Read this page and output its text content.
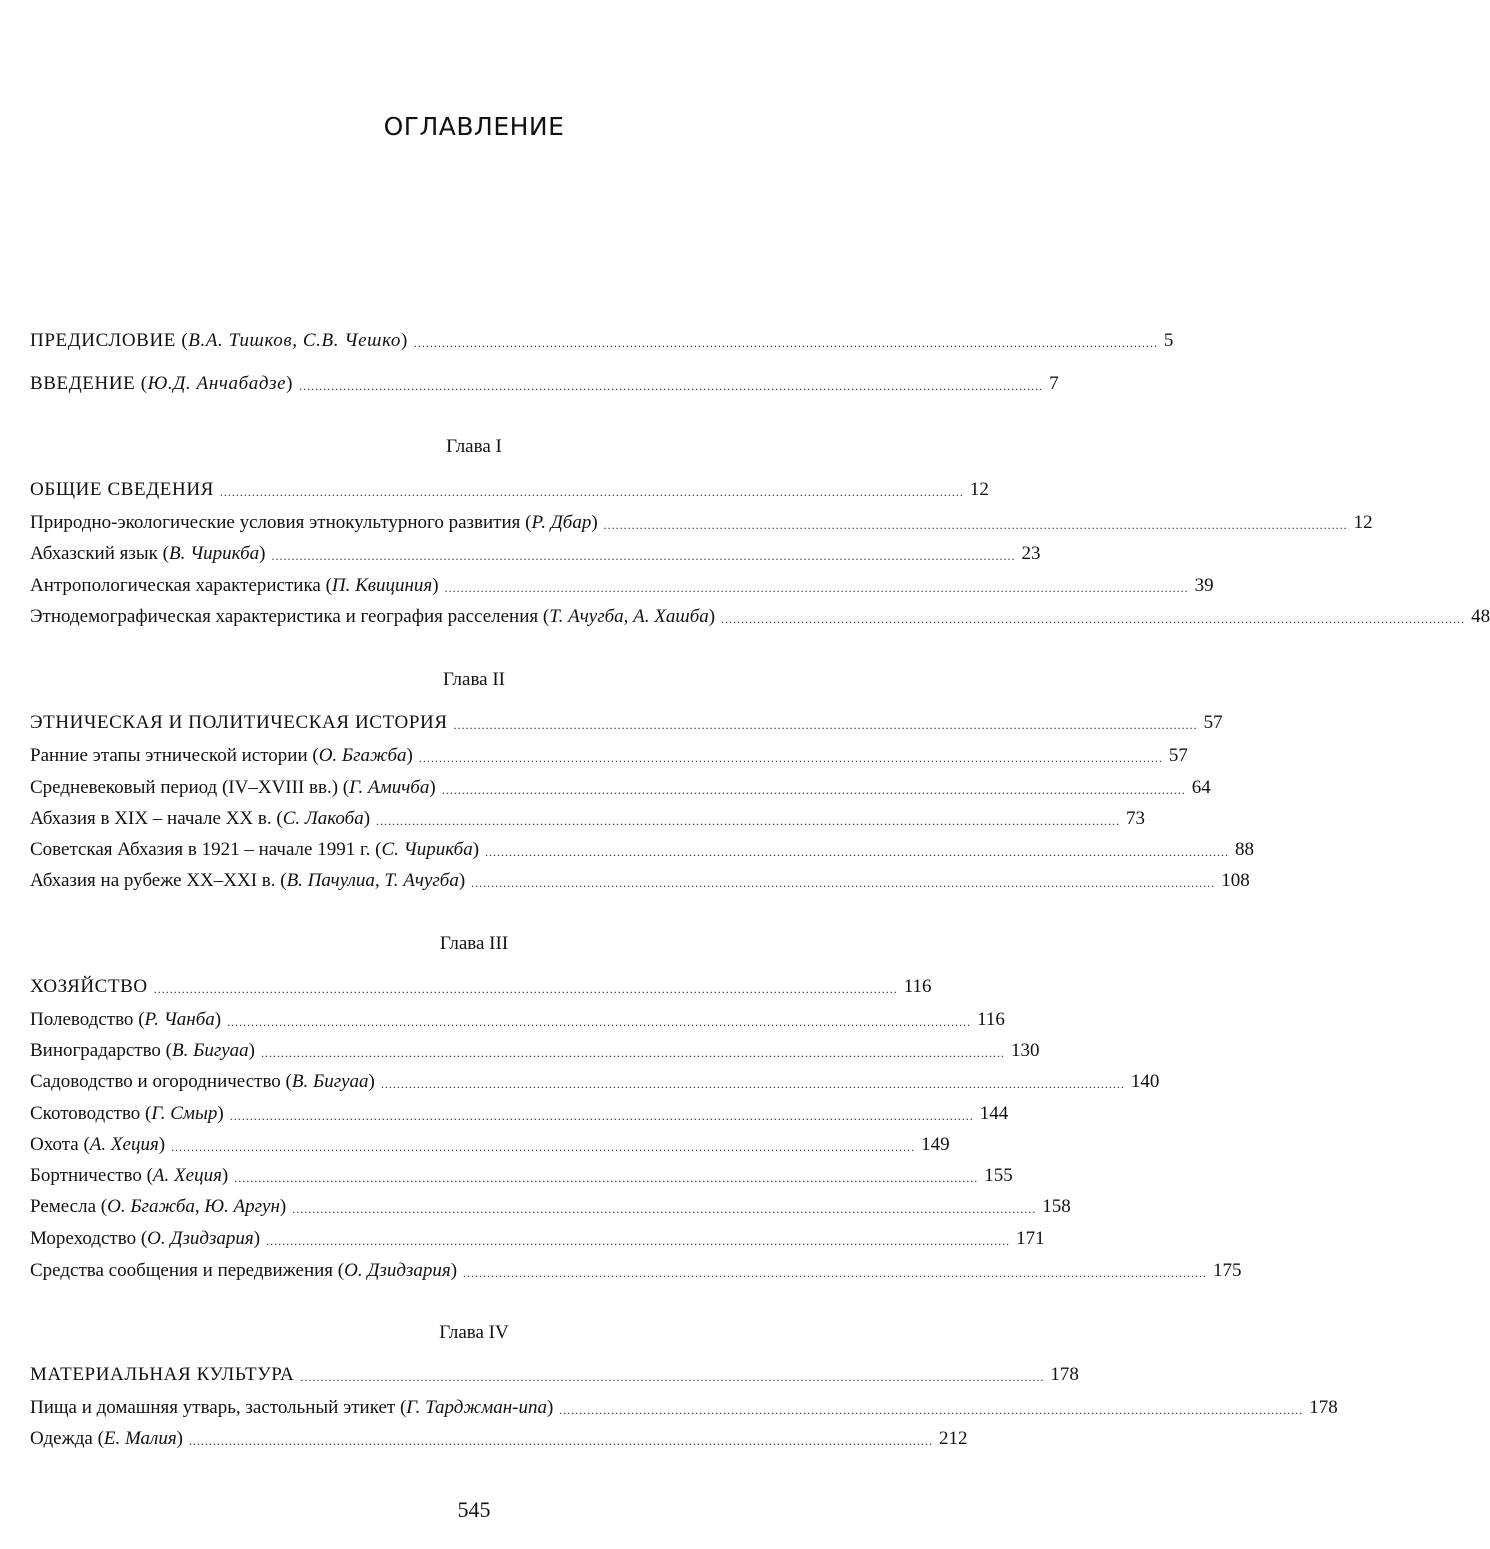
ОГЛАВЛЕНИЕ
ПРЕДИСЛОВИЕ (В.А. Тишков, С.В. Чешко) .......................................................................................................................................................................................... 5
ВВЕДЕНИЕ (Ю.Д. Анчабадзе) .......................................................................................................................................................................................... 7
Глава I
ОБЩИЕ СВЕДЕНИЯ .......................................................................................................................................................................................... 12
Природно-экологические условия этнокультурного развития (Р. Дбар) .......................................................................................................................................................................................... 12
Абхазский язык (В. Чирикба) .......................................................................................................................................................................................... 23
Антропологическая характеристика (П. Квициния) .......................................................................................................................................................................................... 39
Этнодемографическая характеристика и география расселения (Т. Ачугба, А. Хашба) .......................................................................................................................................................................................... 48
Глава II
ЭТНИЧЕСКАЯ И ПОЛИТИЧЕСКАЯ ИСТОРИЯ .......................................................................................................................................................................................... 57
Ранние этапы этнической истории (О. Бгажба) .......................................................................................................................................................................................... 57
Средневековый период (IV–XVIII вв.) (Г. Амичба) .......................................................................................................................................................................................... 64
Абхазия в XIX – начале XX в. (С. Лакоба) .......................................................................................................................................................................................... 73
Советская Абхазия в 1921 – начале 1991 г. (С. Чирикба) .......................................................................................................................................................................................... 88
Абхазия на рубеже XX–XXI в. (В. Пачулиа, Т. Ачугба) .......................................................................................................................................................................................... 108
Глава III
ХОЗЯЙСТВО .......................................................................................................................................................................................... 116
Полеводство (Р. Чанба) .......................................................................................................................................................................................... 116
Виноградарство (В. Бигуаа) .......................................................................................................................................................................................... 130
Садоводство и огородничество (В. Бигуаа) .......................................................................................................................................................................................... 140
Скотоводство (Г. Смыр) .......................................................................................................................................................................................... 144
Охота (А. Хеция) .......................................................................................................................................................................................... 149
Бортничество (А. Хеция) .......................................................................................................................................................................................... 155
Ремесла (О. Бгажба, Ю. Аргун) .......................................................................................................................................................................................... 158
Мореходство (О. Дзидзария) .......................................................................................................................................................................................... 171
Средства сообщения и передвижения (О. Дзидзария) .......................................................................................................................................................................................... 175
Глава IV
МАТЕРИАЛЬНАЯ КУЛЬТУРА .......................................................................................................................................................................................... 178
Пища и домашняя утварь, застольный этикет (Г. Тарджман-ипа) .......................................................................................................................................................................................... 178
Одежда (Е. Малия) .......................................................................................................................................................................................... 212
545
